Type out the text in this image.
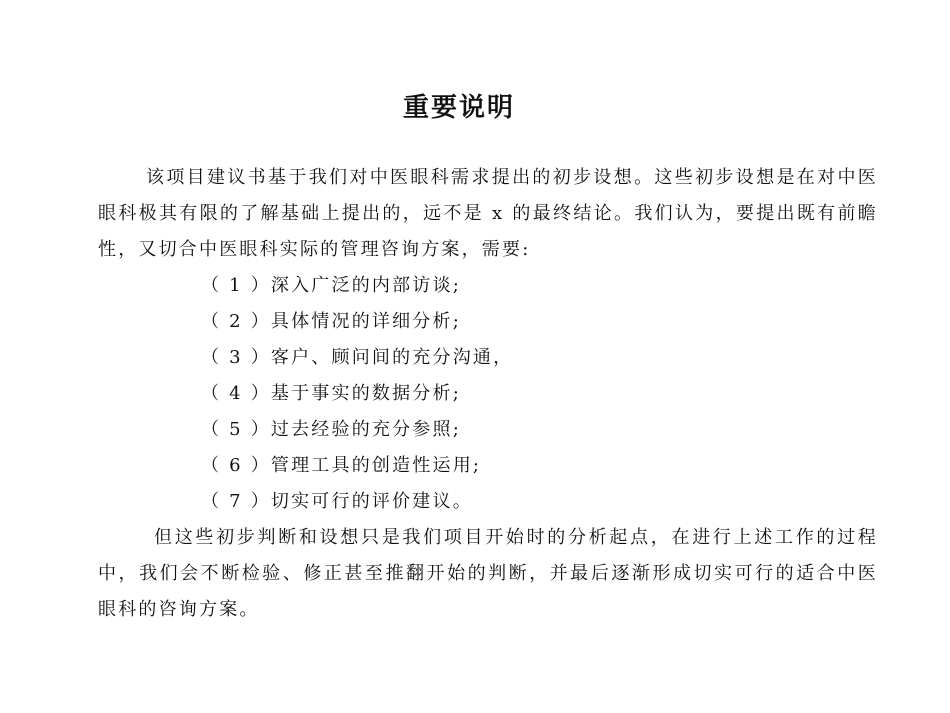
重要说明

该项目建议书基于我们对中医眼科需求提出的初步设想。这些初步设想是在对中医眼科极其有限的了解基础上提出的，远不是 x 的最终结论。我们认为，要提出既有前瞻性，又切合中医眼科实际的管理咨询方案，需要:

（ 1 ）深入广泛的内部访谈;
（ 2 ）具体情况的详细分析;
（ 3 ）客户、顾问间的充分沟通，
（ 4 ）基于事实的数据分析;
（ 5 ）过去经验的充分参照;
（ 6 ）管理工具的创造性运用;
（ 7 ）切实可行的评价建议。

但这些初步判断和设想只是我们项目开始时的分析起点，在进行上述工作的过程中，我们会不断检验、修正甚至推翻开始的判断，并最后逐渐形成切实可行的适合中医眼科的咨询方案。
